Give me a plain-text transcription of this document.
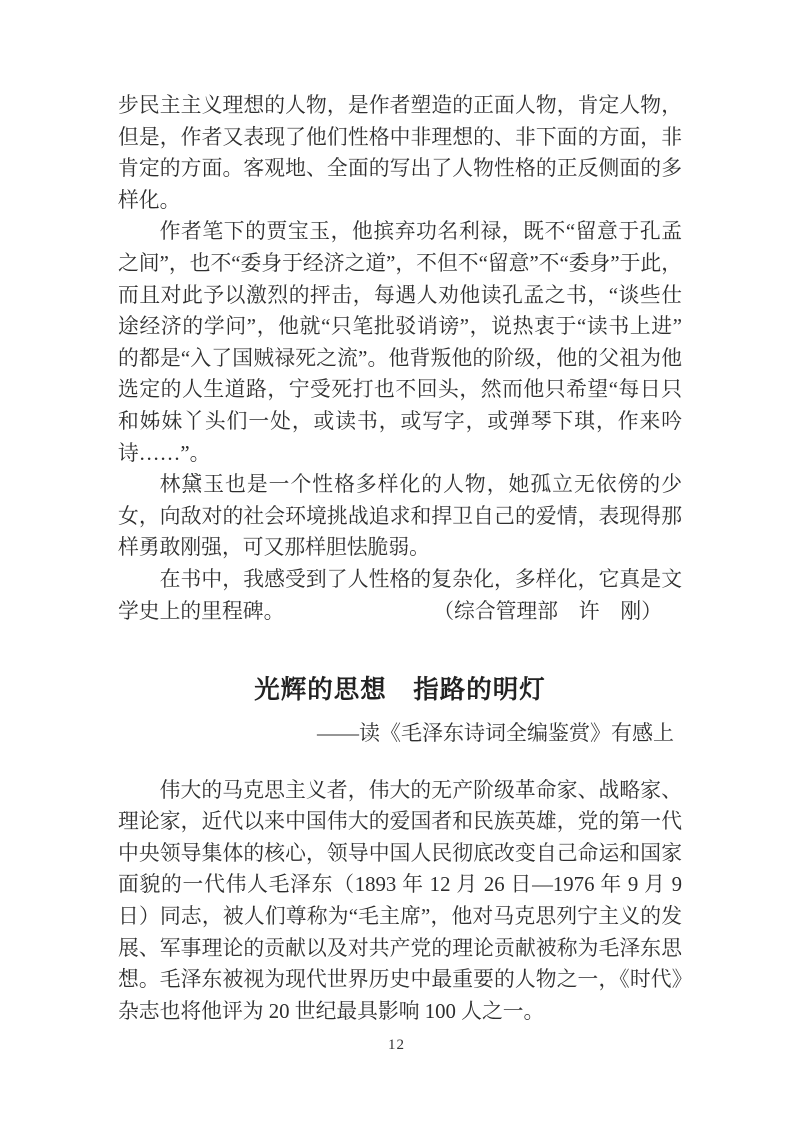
步民主主义理想的人物，是作者塑造的正面人物，肯定人物，但是，作者又表现了他们性格中非理想的、非下面的方面，非肯定的方面。客观地、全面的写出了人物性格的正反侧面的多样化。

作者笔下的贾宝玉，他摈弃功名利禄，既不“留意于孔孟之间”，也不“委身于经济之道”，不但不“留意”不“委身”于此，而且对此予以激烈的抨击，每遇人劝他读孔孟之书，“谈些仕途经济的学问”，他就“只笔批驳诮谤”，说热衷于“读书上进”的都是“入了国贼禄死之流”。他背叛他的阶级，他的父祖为他选定的人生道路，宁受死打也不回头，然而他只希望“每日只和姊妹丫头们一处，或读书，或写字，或弹琴下琪，作来吟诗……”。

林黛玉也是一个性格多样化的人物，她孤立无依傍的少女，向敌对的社会环境挑战追求和捍卫自己的爱情，表现得那样勇敢刚强，可又那样胆怯脆弱。

在书中，我感受到了人性格的复杂化，多样化，它真是文学史上的里程碑。	（综合管理部　许　刚）

光辉的思想　指路的明灯
——读《毛泽东诗词全编鉴赏》有感上

伟大的马克思主义者，伟大的无产阶级革命家、战略家、理论家，近代以来中国伟大的爱国者和民族英雄，党的第一代中央领导集体的核心，领导中国人民彻底改变自己命运和国家面貌的一代伟人毛泽东（1893 年 12 月 26 日—1976 年 9 月 9 日）同志，被人们尊称为“毛主席”，他对马克思列宁主义的发展、军事理论的贡献以及对共产党的理论贡献被称为毛泽东思想。毛泽东被视为现代世界历史中最重要的人物之一，《时代》杂志也将他评为 20 世纪最具影响 100 人之一。

12
